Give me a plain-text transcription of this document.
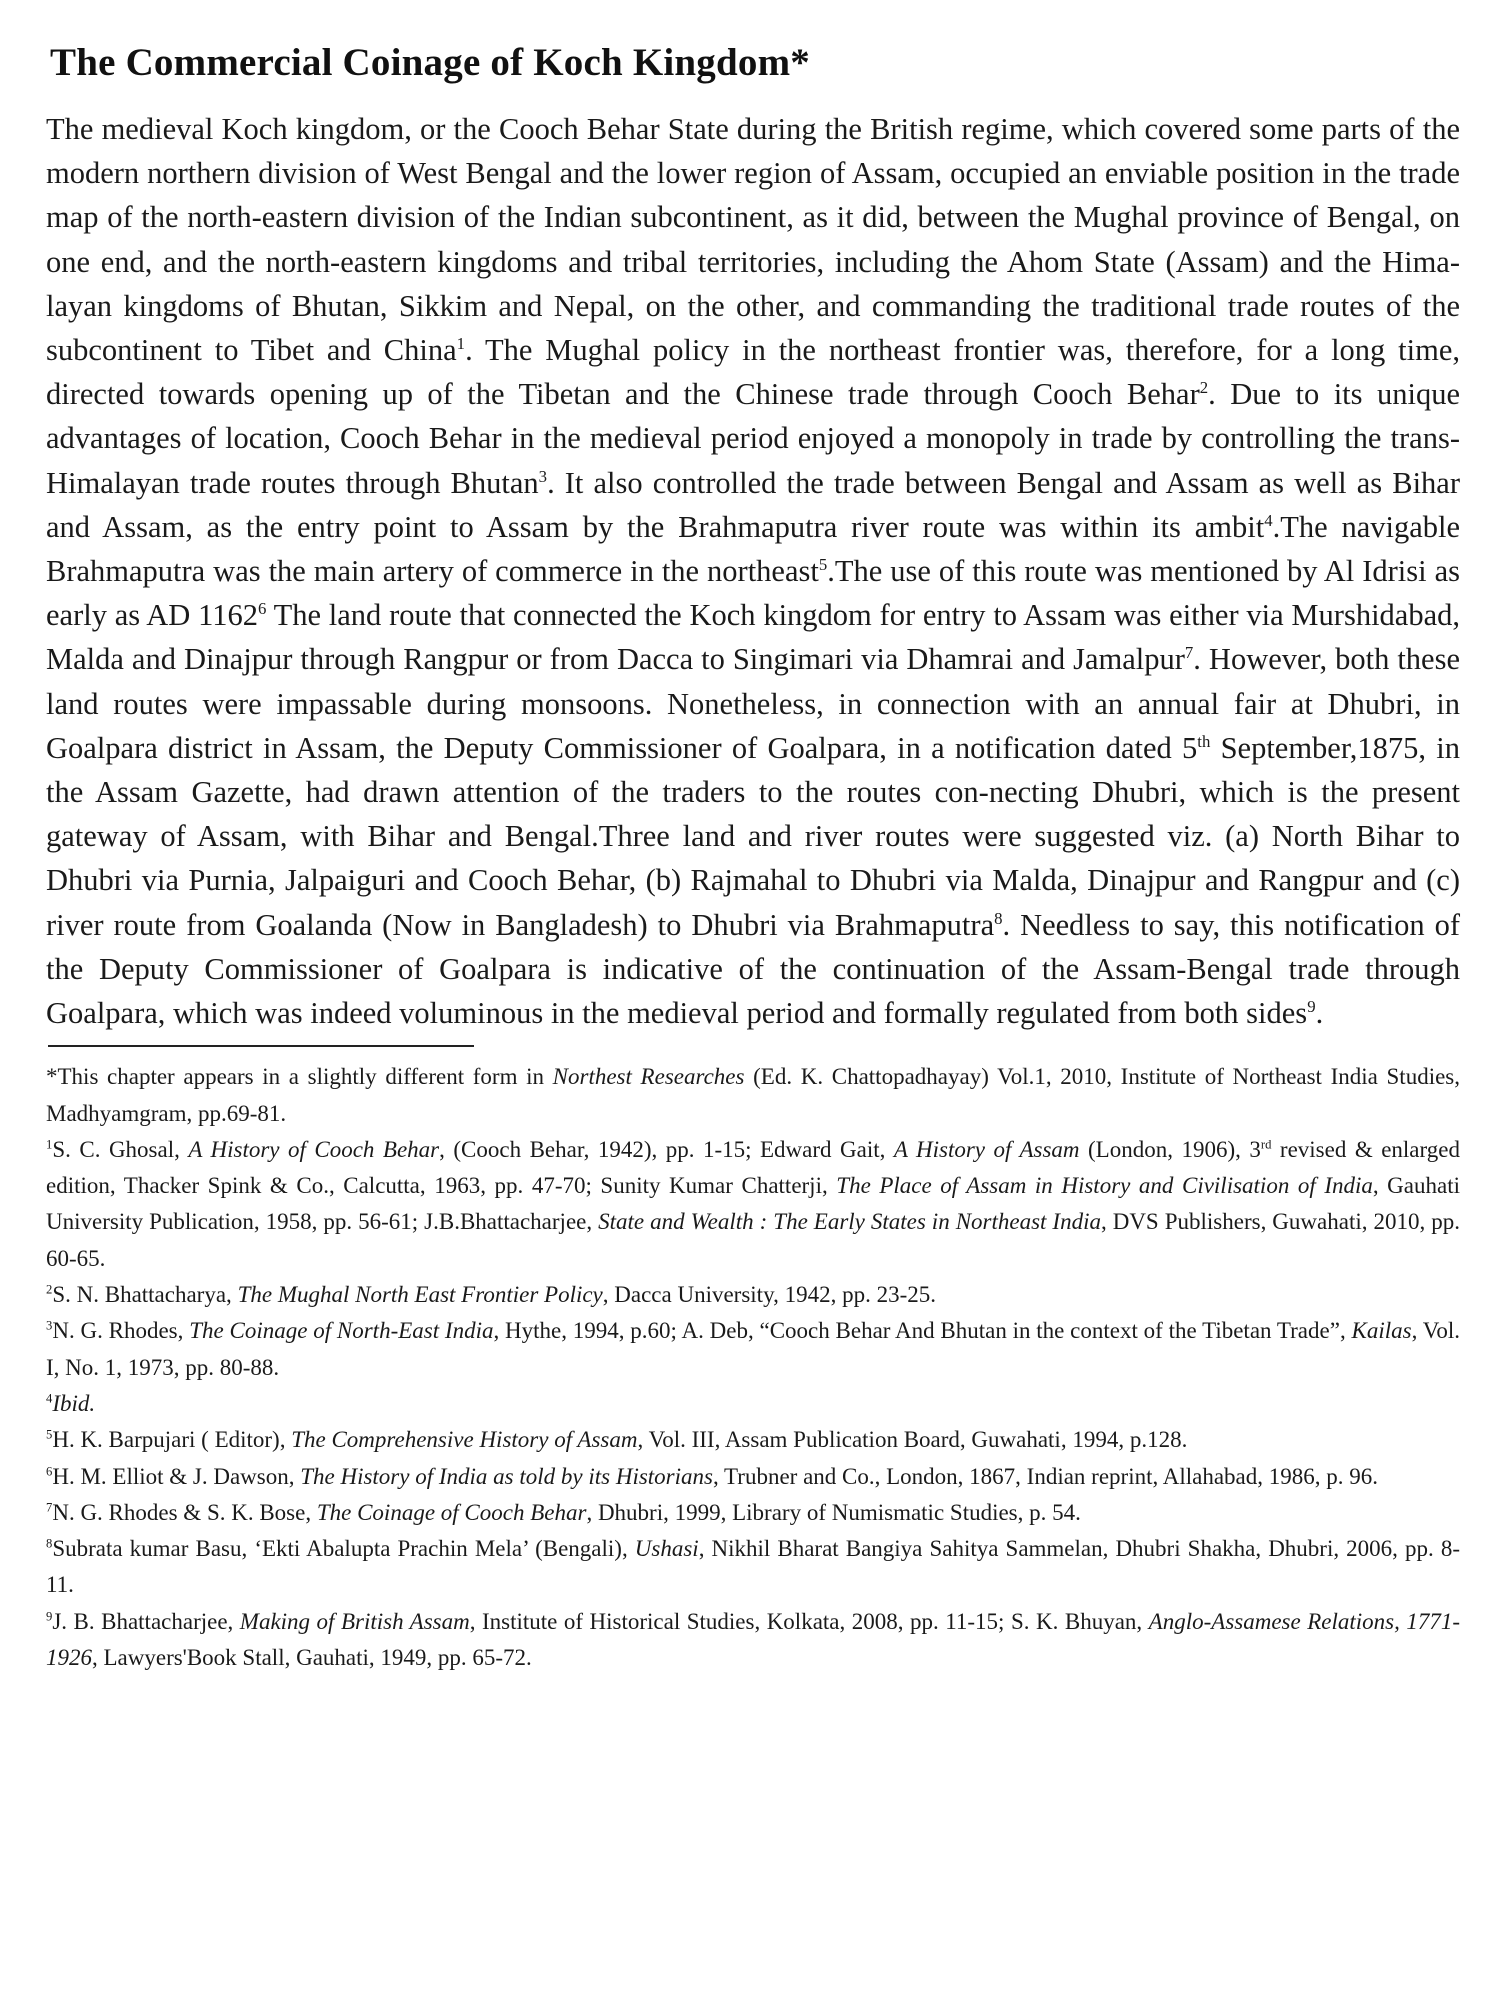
The Commercial Coinage of Koch Kingdom*

The medieval Koch kingdom, or the Cooch Behar State during the British regime, which covered some parts of the modern northern division of West Bengal and the lower region of Assam, occupied an enviable position in the trade map of the north-eastern division of the Indian subcontinent, as it did, between the Mughal province of Bengal, on one end, and the north-eastern kingdoms and tribal territories, including the Ahom State (Assam) and the Hima-layan kingdoms of Bhutan, Sikkim and Nepal, on the other, and commanding the traditional trade routes of the subcontinent to Tibet and China$^1$. The Mughal policy in the northeast frontier was, therefore, for a long time, directed towards opening up of the Tibetan and the Chinese trade through Cooch Behar$^2$. Due to its unique advantages of location, Cooch Behar in the medieval period enjoyed a monopoly in trade by controlling the trans-Himalayan trade routes through Bhutan$^3$. It also controlled the trade between Bengal and Assam as well as Bihar and Assam, as the entry point to Assam by the Brahmaputra river route was within its ambit$^4$.The navigable Brahmaputra was the main artery of commerce in the northeast$^5$.The use of this route was mentioned by Al Idrisi as early as AD 1162$^6$ The land route that connected the Koch kingdom for entry to Assam was either via Murshidabad, Malda and Dinajpur through Rangpur or from Dacca to Singimari via Dhamrai and Jamalpur$^7$. However, both these land routes were impassable during monsoons. Nonetheless, in connection with an annual fair at Dhubri, in Goalpara district in Assam, the Deputy Commissioner of Goalpara, in a notification dated 5th September,1875, in the Assam Gazette, had drawn attention of the traders to the routes con-necting Dhubri, which is the present gateway of Assam, with Bihar and Bengal.Three land and river routes were suggested viz. (a) North Bihar to Dhubri via Purnia, Jalpaiguri and Cooch Behar, (b) Rajmahal to Dhubri via Malda, Dinajpur and Rangpur and (c) river route from Goalanda (Now in Bangladesh) to Dhubri via Brahmaputra$^8$. Needless to say, this notification of the Deputy Commissioner of Goalpara is indicative of the continuation of the Assam-Bengal trade through Goalpara, which was indeed voluminous in the medieval period and formally regulated from both sides$^9$.

*This chapter appears in a slightly different form in Northest Researches (Ed. K. Chattopadhayay) Vol.1, 2010, Institute of Northeast India Studies, Madhyamgram, pp.69-81.

$^1$S. C. Ghosal, A History of Cooch Behar, (Cooch Behar, 1942), pp. 1-15; Edward Gait, A History of Assam (London, 1906), 3rd revised & enlarged edition, Thacker Spink & Co., Calcutta, 1963, pp. 47-70; Sunity Kumar Chatterji, The Place of Assam in History and Civilisation of India, Gauhati University Publication, 1958, pp. 56-61; J.B.Bhattacharjee, State and Wealth : The Early States in Northeast India, DVS Publishers, Guwahati, 2010, pp. 60-65.

$^2$S. N. Bhattacharya, The Mughal North East Frontier Policy, Dacca University, 1942, pp. 23-25.

$^3$N. G. Rhodes, The Coinage of North-East India, Hythe, 1994, p.60; A. Deb, “Cooch Behar And Bhutan in the context of the Tibetan Trade”, Kailas, Vol. I, No. 1, 1973, pp. 80-88.

$^4$Ibid.

$^5$H. K. Barpujari ( Editor), The Comprehensive History of Assam, Vol. III, Assam Publication Board, Guwahati, 1994, p.128.

$^6$H. M. Elliot & J. Dawson, The History of India as told by its Historians, Trubner and Co., London, 1867, Indian reprint, Allahabad, 1986, p. 96.

$^7$N. G. Rhodes & S. K. Bose, The Coinage of Cooch Behar, Dhubri, 1999, Library of Numismatic Studies, p. 54.

$^8$Subrata kumar Basu, ‘Ekti Abalupta Prachin Mela’ (Bengali), Ushasi, Nikhil Bharat Bangiya Sahitya Sammelan, Dhubri Shakha, Dhubri, 2006, pp. 8-11.

$^9$J. B. Bhattacharjee, Making of British Assam, Institute of Historical Studies, Kolkata, 2008, pp. 11-15; S. K. Bhuyan, Anglo-Assamese Relations, 1771-1926, Lawyers'Book Stall, Gauhati, 1949, pp. 65-72.
